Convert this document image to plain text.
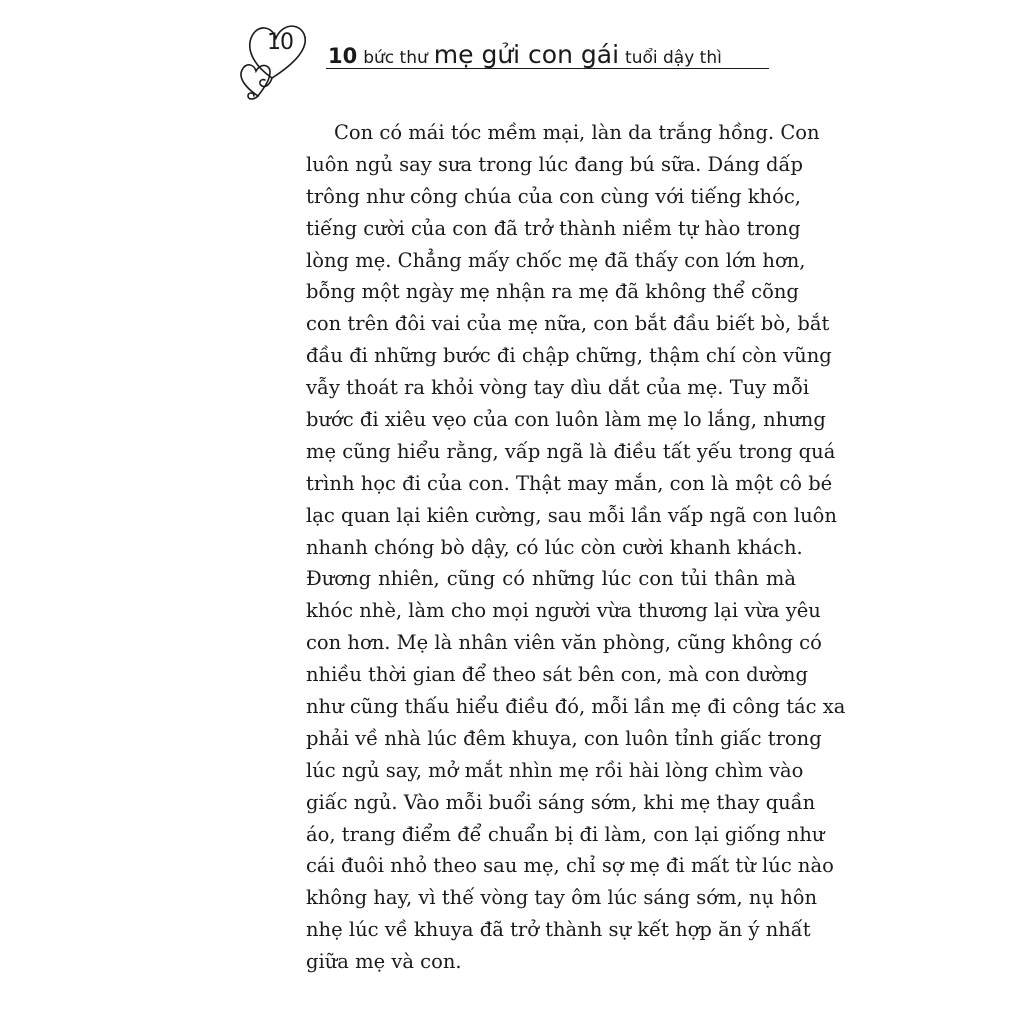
10
10 bức thư mẹ gửi con gái tuổi dậy thì
Con có mái tóc mềm mại, làn da trắng hồng. Con
luôn ngủ say sưa trong lúc đang bú sữa. Dáng dấp
trông như công chúa của con cùng với tiếng khóc,
tiếng cười của con đã trở thành niềm tự hào trong
lòng mẹ. Chẳng mấy chốc mẹ đã thấy con lớn hơn,
bỗng một ngày mẹ nhận ra mẹ đã không thể cõng
con trên đôi vai của mẹ nữa, con bắt đầu biết bò, bắt
đầu đi những bước đi chập chững, thậm chí còn vũng
vẫy thoát ra khỏi vòng tay dìu dắt của mẹ. Tuy mỗi
bước đi xiêu vẹo của con luôn làm mẹ lo lắng, nhưng
mẹ cũng hiểu rằng, vấp ngã là điều tất yếu trong quá
trình học đi của con. Thật may mắn, con là một cô bé
lạc quan lại kiên cường, sau mỗi lần vấp ngã con luôn
nhanh chóng bò dậy, có lúc còn cười khanh khách.
Đương nhiên, cũng có những lúc con tủi thân mà
khóc nhè, làm cho mọi người vừa thương lại vừa yêu
con hơn. Mẹ là nhân viên văn phòng, cũng không có
nhiều thời gian để theo sát bên con, mà con dường
như cũng thấu hiểu điều đó, mỗi lần mẹ đi công tác xa
phải về nhà lúc đêm khuya, con luôn tỉnh giấc trong
lúc ngủ say, mở mắt nhìn mẹ rồi hài lòng chìm vào
giấc ngủ. Vào mỗi buổi sáng sớm, khi mẹ thay quần
áo, trang điểm để chuẩn bị đi làm, con lại giống như
cái đuôi nhỏ theo sau mẹ, chỉ sợ mẹ đi mất từ lúc nào
không hay, vì thế vòng tay ôm lúc sáng sớm, nụ hôn
nhẹ lúc về khuya đã trở thành sự kết hợp ăn ý nhất
giữa mẹ và con.
